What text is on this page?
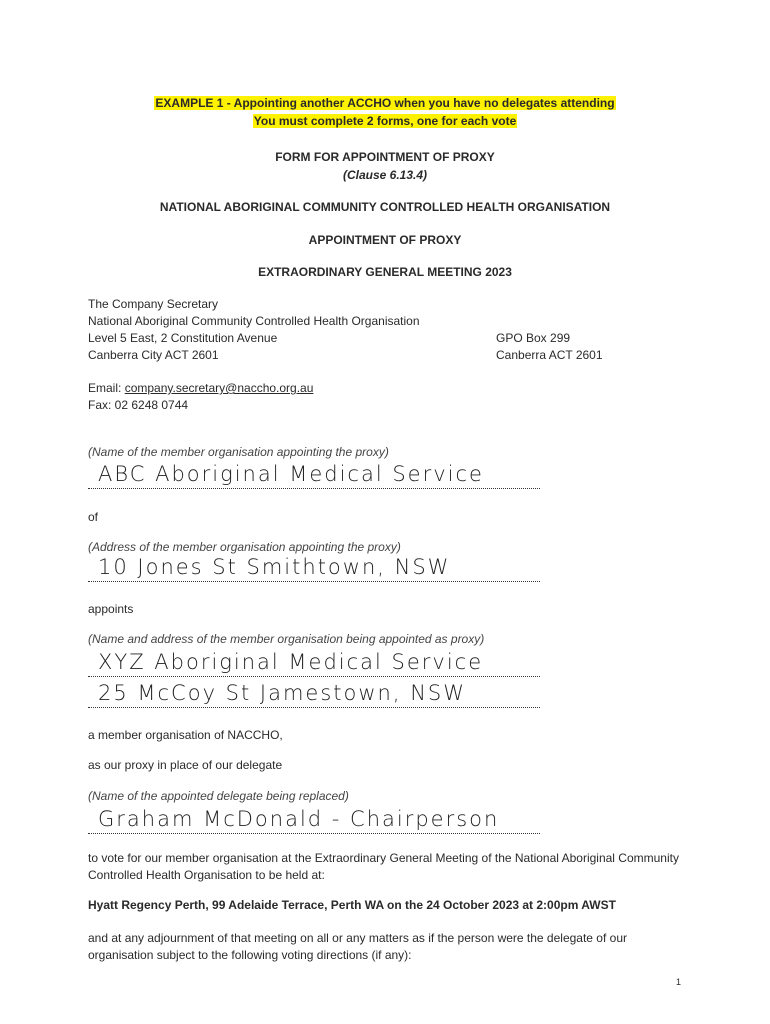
EXAMPLE 1 - Appointing another ACCHO when you have no delegates attending
You must complete 2 forms, one for each vote
FORM FOR APPOINTMENT OF PROXY
(Clause 6.13.4)
NATIONAL ABORIGINAL COMMUNITY CONTROLLED HEALTH ORGANISATION
APPOINTMENT OF PROXY
EXTRAORDINARY GENERAL MEETING 2023
The Company Secretary
National Aboriginal Community Controlled Health Organisation
Level 5 East, 2 Constitution Avenue
Canberra City ACT 2601
GPO Box 299
Canberra ACT 2601
Email: company.secretary@naccho.org.au
Fax: 02 6248 0744
(Name of the member organisation appointing the proxy)
ABC Aboriginal Medical Service
of
(Address of the member organisation appointing the proxy)
10 Jones St Smithtown, NSW
appoints
(Name and address of the member organisation being appointed as proxy)
XYZ Aboriginal Medical Service
25 McCoy St Jamestown, NSW
a member organisation of NACCHO,
as our proxy in place of our delegate
(Name of the appointed delegate being replaced)
Graham McDonald - Chairperson
to vote for our member organisation at the Extraordinary General Meeting of the National Aboriginal Community Controlled Health Organisation to be held at:
Hyatt Regency Perth, 99 Adelaide Terrace, Perth WA on the 24 October 2023 at 2:00pm AWST
and at any adjournment of that meeting on all or any matters as if the person were the delegate of our organisation subject to the following voting directions (if any):
1
